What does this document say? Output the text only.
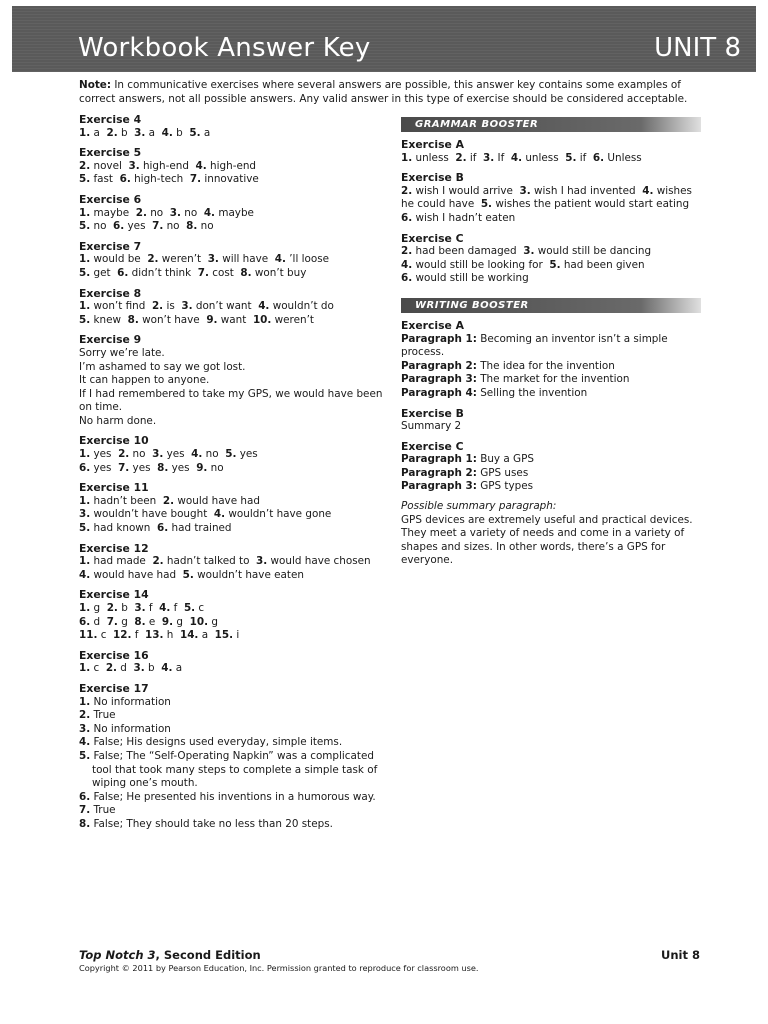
Workbook Answer Key	UNIT 8
Note: In communicative exercises where several answers are possible, this answer key contains some examples of correct answers, not all possible answers. Any valid answer in this type of exercise should be considered acceptable.
Exercise 4
1. a  2. b  3. a  4. b  5. a
Exercise 5
2. novel  3. high-end  4. high-end
5. fast  6. high-tech  7. innovative
Exercise 6
1. maybe  2. no  3. no  4. maybe
5. no  6. yes  7. no  8. no
Exercise 7
1. would be  2. weren’t  3. will have  4. ’ll loose
5. get  6. didn’t think  7. cost  8. won’t buy
Exercise 8
1. won’t find  2. is  3. don’t want  4. wouldn’t do
5. knew  8. won’t have  9. want  10. weren’t
Exercise 9
Sorry we’re late.
I’m ashamed to say we got lost.
It can happen to anyone.
If I had remembered to take my GPS, we would have been on time.
No harm done.
Exercise 10
1. yes  2. no  3. yes  4. no  5. yes
6. yes  7. yes  8. yes  9. no
Exercise 11
1. hadn’t been  2. would have had
3. wouldn’t have bought  4. wouldn’t have gone
5. had known  6. had trained
Exercise 12
1. had made  2. hadn’t talked to  3. would have chosen
4. would have had  5. wouldn’t have eaten
Exercise 14
1. g  2. b  3. f  4. f  5. c
6. d  7. g  8. e  9. g  10. g
11. c  12. f  13. h  14. a  15. i
Exercise 16
1. c  2. d  3. b  4. a
Exercise 17
1. No information
2. True
3. No information
4. False; His designs used everyday, simple items.
5. False; The “Self-Operating Napkin” was a complicated tool that took many steps to complete a simple task of wiping one’s mouth.
6. False; He presented his inventions in a humorous way.
7. True
8. False; They should take no less than 20 steps.
GRAMMAR BOOSTER
Exercise A
1. unless  2. if  3. If  4. unless  5. if  6. Unless
Exercise B
2. wish I would arrive  3. wish I had invented  4. wishes he could have  5. wishes the patient would start eating
6. wish I hadn’t eaten
Exercise C
2. had been damaged  3. would still be dancing
4. would still be looking for  5. had been given
6. would still be working
WRITING BOOSTER
Exercise A
Paragraph 1: Becoming an inventor isn’t a simple process.
Paragraph 2: The idea for the invention
Paragraph 3: The market for the invention
Paragraph 4: Selling the invention
Exercise B
Summary 2
Exercise C
Paragraph 1: Buy a GPS
Paragraph 2: GPS uses
Paragraph 3: GPS types
Possible summary paragraph:
GPS devices are extremely useful and practical devices. They meet a variety of needs and come in a variety of shapes and sizes. In other words, there’s a GPS for everyone.
Top Notch 3, Second Edition	Unit 8
Copyright © 2011 by Pearson Education, Inc. Permission granted to reproduce for classroom use.
